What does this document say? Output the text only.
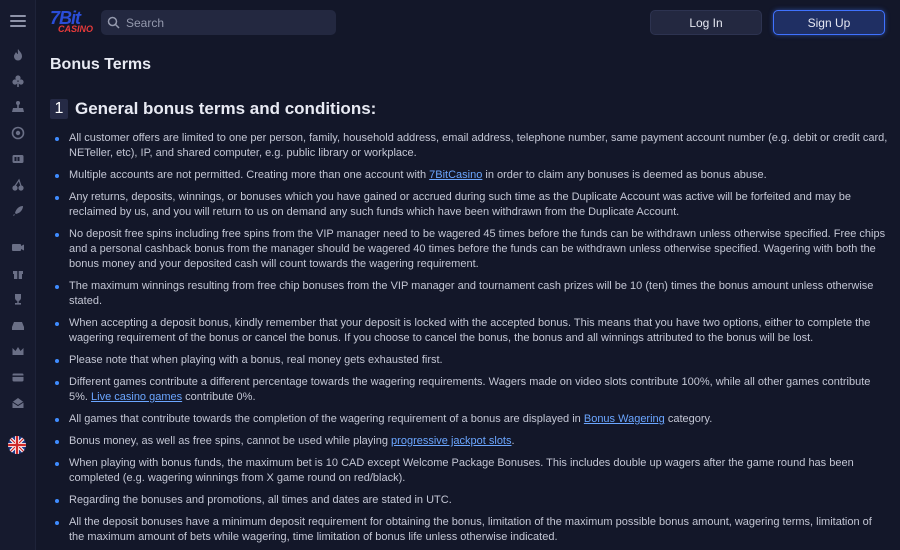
7Bit
CASINO
Search	Log In	Sign Up
Bonus Terms
1 General bonus terms and conditions:
All customer offers are limited to one per person, family, household address, email address, telephone number, same payment account number (e.g. debit or credit card, NETeller, etc), IP, and shared computer, e.g. public library or workplace.
Multiple accounts are not permitted. Creating more than one account with 7BitCasino in order to claim any bonuses is deemed as bonus abuse.
Any returns, deposits, winnings, or bonuses which you have gained or accrued during such time as the Duplicate Account was active will be forfeited and may be reclaimed by us, and you will return to us on demand any such funds which have been withdrawn from the Duplicate Account.
No deposit free spins including free spins from the VIP manager need to be wagered 45 times before the funds can be withdrawn unless otherwise specified. Free chips and a personal cashback bonus from the manager should be wagered 40 times before the funds can be withdrawn unless otherwise specified. Wagering with both the bonus money and your deposited cash will count towards the wagering requirement.
The maximum winnings resulting from free chip bonuses from the VIP manager and tournament cash prizes will be 10 (ten) times the bonus amount unless otherwise stated.
When accepting a deposit bonus, kindly remember that your deposit is locked with the accepted bonus. This means that you have two options, either to complete the wagering requirement of the bonus or cancel the bonus. If you choose to cancel the bonus, the bonus and all winnings attributed to the bonus will be lost.
Please note that when playing with a bonus, real money gets exhausted first.
Different games contribute a different percentage towards the wagering requirements. Wagers made on video slots contribute 100%, while all other games contribute 5%. Live casino games contribute 0%.
All games that contribute towards the completion of the wagering requirement of a bonus are displayed in Bonus Wagering category.
Bonus money, as well as free spins, cannot be used while playing progressive jackpot slots.
When playing with bonus funds, the maximum bet is 10 CAD except Welcome Package Bonuses. This includes double up wagers after the game round has been completed (e.g. wagering winnings from X game round on red/black).
Regarding the bonuses and promotions, all times and dates are stated in UTC.
All the deposit bonuses have a minimum deposit requirement for obtaining the bonus, limitation of the maximum possible bonus amount, wagering terms, limitation of the maximum amount of bets while wagering, time limitation of bonus life unless otherwise indicated.
